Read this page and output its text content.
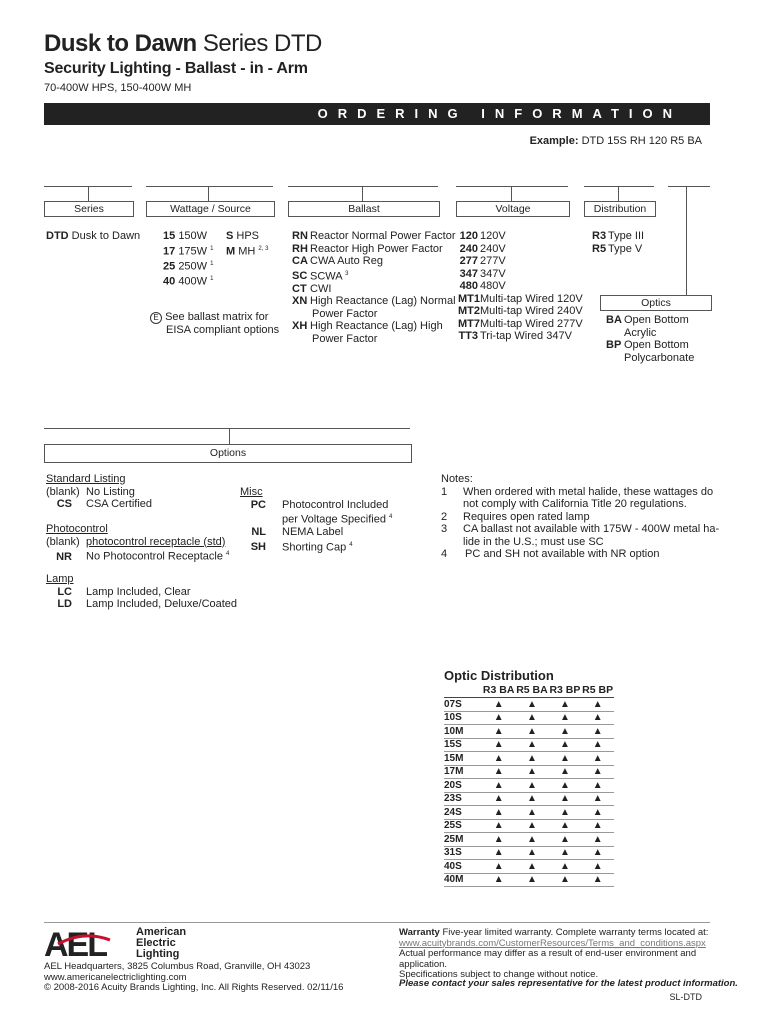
Dusk to Dawn Series DTD
Security Lighting - Ballast - in - Arm
70-400W HPS, 150-400W MH
ORDERING INFORMATION
Example: DTD 15S RH 120 R5 BA
Series	Wattage / Source	Ballast	Voltage	Distribution
Optics
DTD Dusk to Dawn 15 150W
17 175W $^1$
25 250W $^1$
40 400W $^1$
S HPS
M MH $^{2, 3}$
E See ballast matrix for
EISA compliant options
RN Reactor Normal Power Factor
RH Reactor High Power Factor
CA CWA Auto Reg
SC SCWA $^3$
CT CWI
XN High Reactance (Lag) Normal
Power Factor
XH High Reactance (Lag) High
Power Factor
120 120V
240 240V
277 277V
347 347V
480 480V
MT1Multi-tap Wired 120V
MT2Multi-tap Wired 240V
MT7Multi-tap Wired 277V
TT3 Tri-tap Wired 347V
R3 Type III
R5 Type V
BA Open Bottom
Acrylic
BP Open Bottom
Polycarbonate
Options
Standard Listing
(blank) No Listing
CS CSA Certified
Photocontrol
(blank) photocontrol receptacle (std)
NR No Photocontrol Receptacle $^4$
Lamp
LC Lamp Included, Clear
LD Lamp Included, Deluxe/Coated
Misc
PC Photocontrol Included
per Voltage Specified $^4$
NL NEMA Label
SH Shorting Cap $^4$
Notes:
1 When ordered with metal halide, these wattages do
not comply with California Title 20 regulations.
2 Requires open rated lamp
3 CA ballast not available with 175W - 400W metal ha-
lide in the U.S.; must use SC
4 PC and SH not available with NR option
Optic Distribution
	R3 BA	R5 BA	R3 BP	R5 BP
07S	▲	▲	▲	▲
10S	▲	▲	▲	▲
10M	▲	▲	▲	▲
15S	▲	▲	▲	▲
15M	▲	▲	▲	▲
17M	▲	▲	▲	▲
20S	▲	▲	▲	▲
23S	▲	▲	▲	▲
24S	▲	▲	▲	▲
25S	▲	▲	▲	▲
25M	▲	▲	▲	▲
31S	▲	▲	▲	▲
40S	▲	▲	▲	▲
40M	▲	▲	▲	▲
AEL	American
Electric
Lighting
AEL Headquarters, 3825 Columbus Road, Granville, OH 43023
www.americanelectriclighting.com
© 2008-2016 Acuity Brands Lighting, Inc. All Rights Reserved. 02/11/16
Warranty Five-year limited warranty. Complete warranty terms located at:
www.acuitybrands.com/CustomerResources/Terms_and_conditions.aspx
Actual performance may differ as a result of end-user environment and application.
Specifications subject to change without notice.
Please contact your sales representative for the latest product information.
SL-DTD
